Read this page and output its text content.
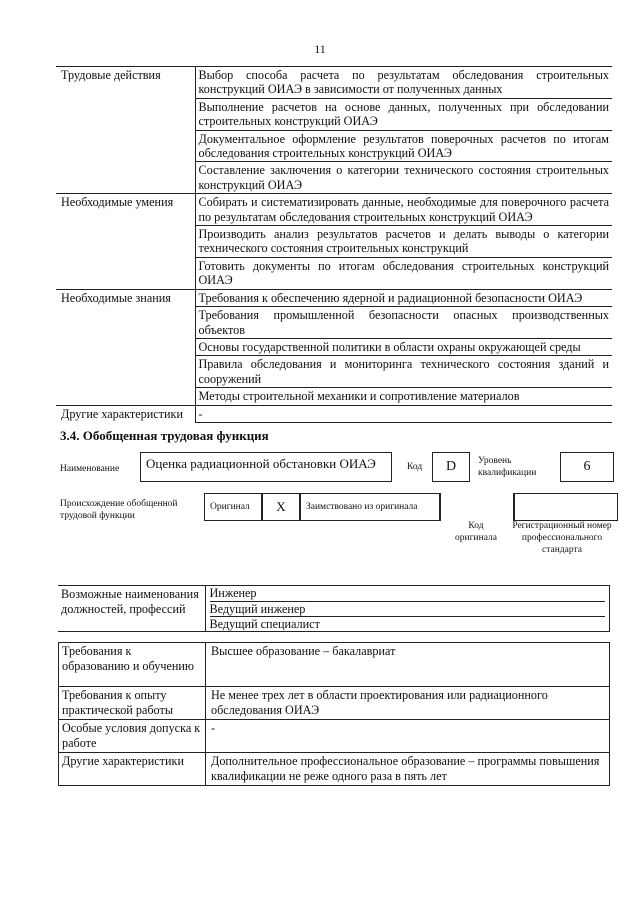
11
Трудовые действия	Выбор способа расчета по результатам обследования строительных конструкций ОИАЭ в зависимости от полученных данных
	Выполнение расчетов на основе данных, полученных при обследовании строительных конструкций ОИАЭ
	Документальное оформление результатов поверочных расчетов по итогам обследования строительных конструкций ОИАЭ
	Составление заключения о категории технического состояния строительных конструкций ОИАЭ
Необходимые умения	Собирать и систематизировать данные, необходимые для поверочного расчета по результатам обследования строительных конструкций ОИАЭ
	Производить анализ результатов расчетов и делать выводы о категории технического состояния строительных конструкций
	Готовить документы по итогам обследования строительных конструкций ОИАЭ
Необходимые знания	Требования к обеспечению ядерной и радиационной безопасности ОИАЭ
	Требования промышленной безопасности опасных производственных объектов
	Основы государственной политики в области охраны окружающей среды
	Правила обследования и мониторинга технического состояния зданий и сооружений
	Методы строительной механики и сопротивление материалов
Другие характеристики	-
3.4. Обобщенная трудовая функция
Наименование	Оценка радиационной обстановки ОИАЭ	Код	D	Уровень квалификации	6
Происхождение обобщенной трудовой функции
Оригинал	X	Заимствовано из оригинала
Код оригинала
Регистрационный номер профессионального стандарта
Возможные наименования должностей, профессий	
Инженер
Ведущий инженер
Ведущий специалист
Требования к образованию и обучению	Высшее образование – бакалавриат
Требования к опыту практической работы	Не менее трех лет в области проектирования или радиационного обследования ОИАЭ
Особые условия допуска к работе	-
Другие характеристики	Дополнительное профессиональное образование – программы повышения квалификации не реже одного раза в пять лет
